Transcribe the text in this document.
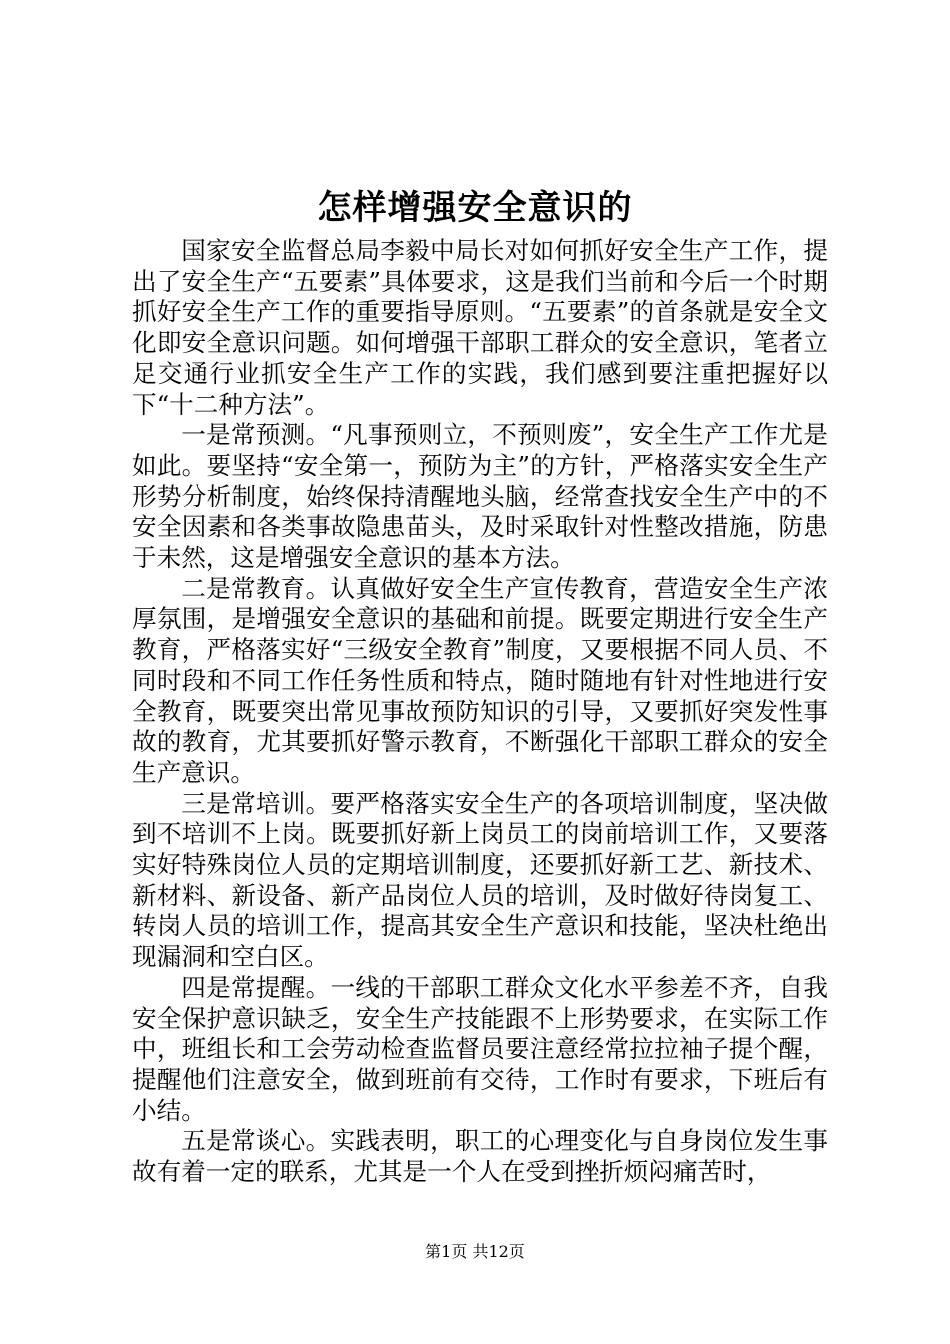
怎样增强安全意识的

国家安全监督总局李毅中局长对如何抓好安全生产工作，提出了安全生产“五要素”具体要求，这是我们当前和今后一个时期抓好安全生产工作的重要指导原则。“五要素”的首条就是安全文化即安全意识问题。如何增强干部职工群众的安全意识，笔者立足交通行业抓安全生产工作的实践，我们感到要注重把握好以下“十二种方法”。

一是常预测。“凡事预则立，不预则废”，安全生产工作尤是如此。要坚持“安全第一，预防为主”的方针，严格落实安全生产形势分析制度，始终保持清醒地头脑，经常查找安全生产中的不安全因素和各类事故隐患苗头，及时采取针对性整改措施，防患于未然，这是增强安全意识的基本方法。

二是常教育。认真做好安全生产宣传教育，营造安全生产浓厚氛围，是增强安全意识的基础和前提。既要定期进行安全生产教育，严格落实好“三级安全教育”制度，又要根据不同人员、不同时段和不同工作任务性质和特点，随时随地有针对性地进行安全教育，既要突出常见事故预防知识的引导，又要抓好突发性事故的教育，尤其要抓好警示教育，不断强化干部职工群众的安全生产意识。

三是常培训。要严格落实安全生产的各项培训制度，坚决做到不培训不上岗。既要抓好新上岗员工的岗前培训工作，又要落实好特殊岗位人员的定期培训制度，还要抓好新工艺、新技术、新材料、新设备、新产品岗位人员的培训，及时做好待岗复工、转岗人员的培训工作，提高其安全生产意识和技能，坚决杜绝出现漏洞和空白区。

四是常提醒。一线的干部职工群众文化水平参差不齐，自我安全保护意识缺乏，安全生产技能跟不上形势要求，在实际工作中，班组长和工会劳动检查监督员要注意经常拉拉袖子提个醒，提醒他们注意安全，做到班前有交待，工作时有要求，下班后有小结。

五是常谈心。实践表明，职工的心理变化与自身岗位发生事故有着一定的联系，尤其是一个人在受到挫折烦闷痛苦时，

第1页 共12页
